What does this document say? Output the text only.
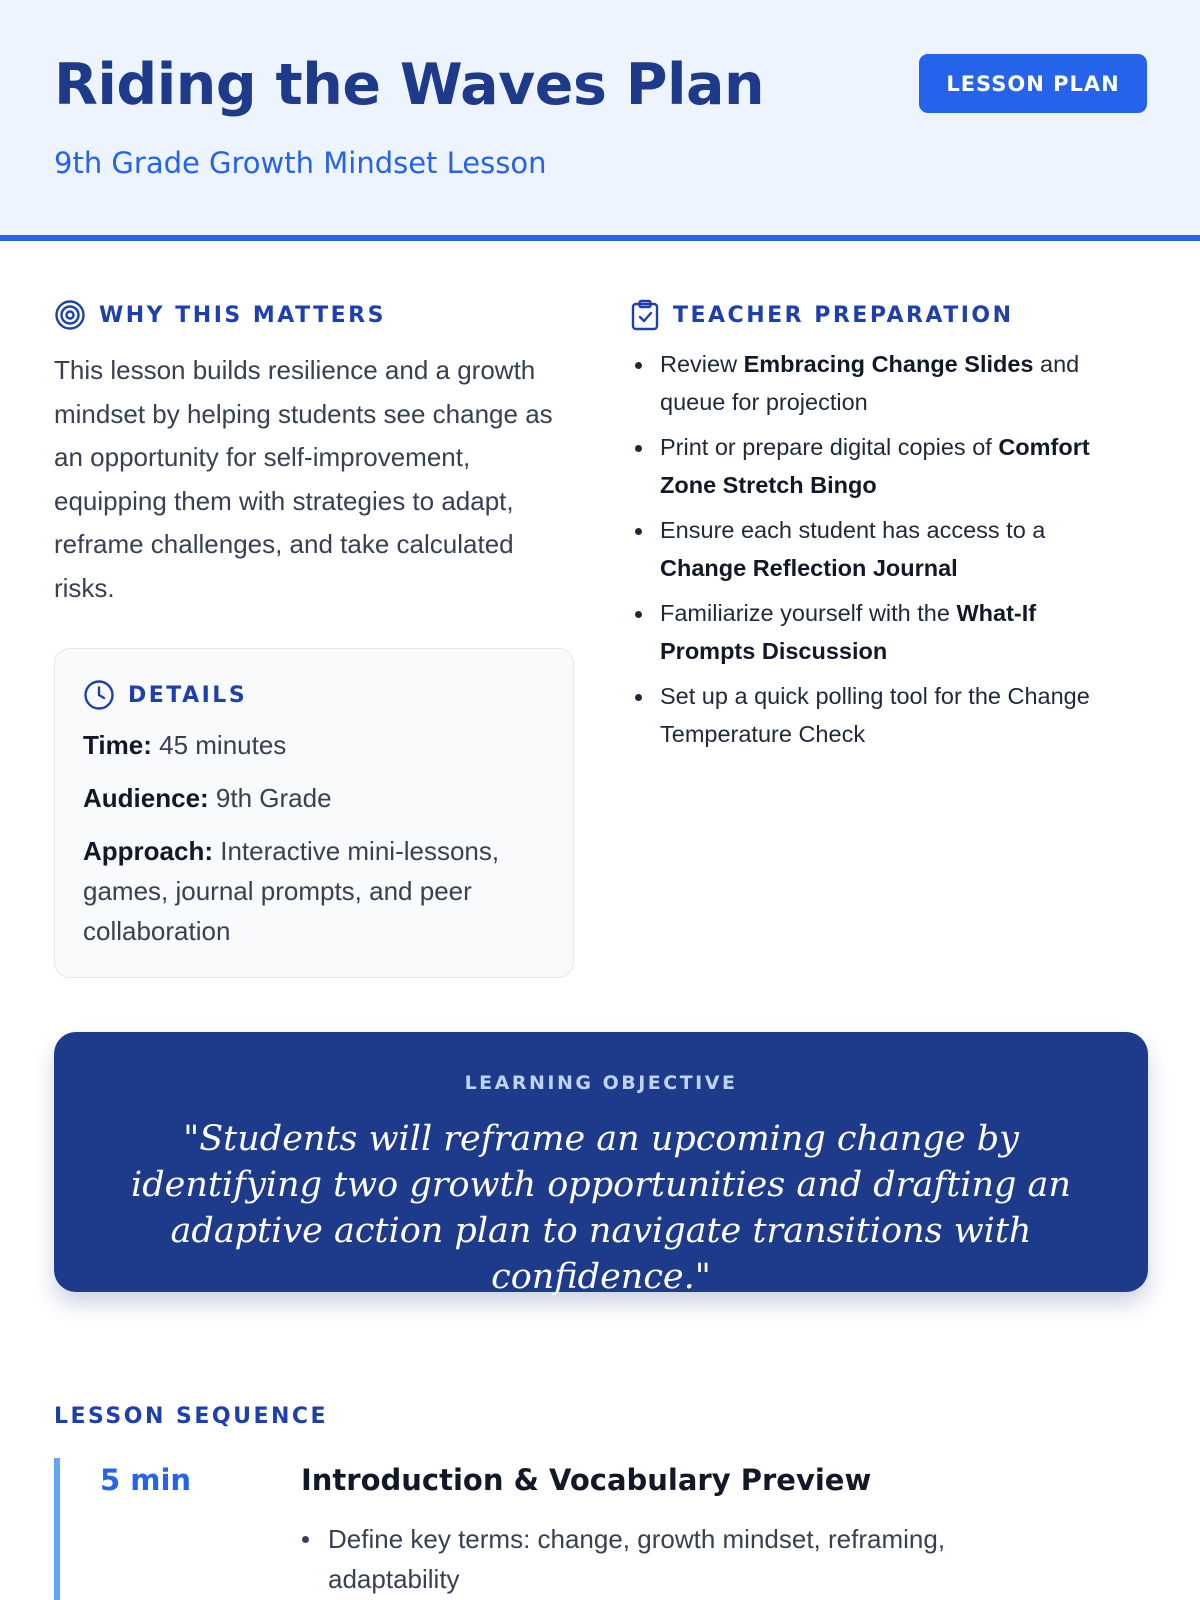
Riding the Waves Plan
9th Grade Growth Mindset Lesson
LESSON PLAN
WHY THIS MATTERS
This lesson builds resilience and a growth mindset by helping students see change as an opportunity for self-improvement, equipping them with strategies to adapt, reframe challenges, and take calculated risks.
DETAILS
Time: 45 minutes
Audience: 9th Grade
Approach: Interactive mini-lessons, games, journal prompts, and peer collaboration
TEACHER PREPARATION
Review Embracing Change Slides and queue for projection
Print or prepare digital copies of Comfort Zone Stretch Bingo
Ensure each student has access to a Change Reflection Journal
Familiarize yourself with the What-If Prompts Discussion
Set up a quick polling tool for the Change Temperature Check
LEARNING OBJECTIVE
"Students will reframe an upcoming change by identifying two growth opportunities and drafting an adaptive action plan to navigate transitions with confidence."
LESSON SEQUENCE
5 min	Introduction & Vocabulary Preview
Define key terms: change, growth mindset, reframing, adaptability
